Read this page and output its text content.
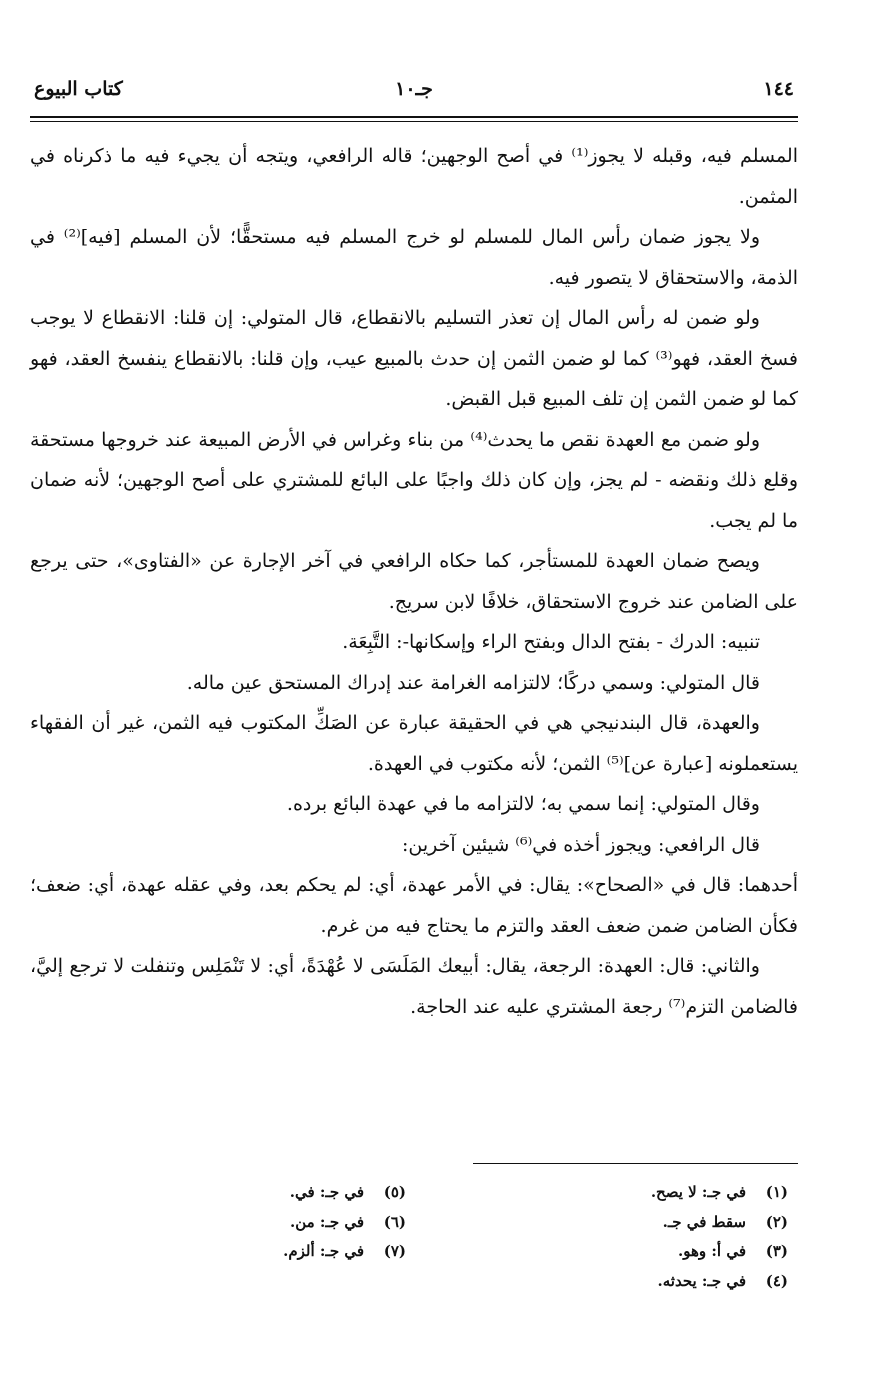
١٤٤
جـ١٠
كتاب البيوع

المسلم فيه، وقبله لا يجوز⁽¹⁾ في أصح الوجهين؛ قاله الرافعي، ويتجه أن يجيء فيه ما ذكرناه في المثمن.

ولا يجوز ضمان رأس المال للمسلم لو خرج المسلم فيه مستحقًّا؛ لأن المسلم [فيه]⁽²⁾ في الذمة، والاستحقاق لا يتصور فيه.

ولو ضمن له رأس المال إن تعذر التسليم بالانقطاع، قال المتولي: إن قلنا: الانقطاع لا يوجب فسخ العقد، فهو⁽³⁾ كما لو ضمن الثمن إن حدث بالمبيع عيب، وإن قلنا: بالانقطاع ينفسخ العقد، فهو كما لو ضمن الثمن إن تلف المبيع قبل القبض.

ولو ضمن مع العهدة نقص ما يحدث⁽⁴⁾ من بناء وغراس في الأرض المبيعة عند خروجها مستحقة وقلع ذلك ونقضه - لم يجز، وإن كان ذلك واجبًا على البائع للمشتري على أصح الوجهين؛ لأنه ضمان ما لم يجب.

ويصح ضمان العهدة للمستأجر، كما حكاه الرافعي في آخر الإجارة عن «الفتاوى»، حتى يرجع على الضامن عند خروج الاستحقاق، خلافًا لابن سريج.

تنبيه: الدرك - بفتح الدال وبفتح الراء وإسكانها-: التَّبِعَة.

قال المتولي: وسمي دركًا؛ لالتزامه الغرامة عند إدراك المستحق عين ماله.

والعهدة، قال البندنيجي هي في الحقيقة عبارة عن الصَكِّ المكتوب فيه الثمن، غير أن الفقهاء يستعملونه [عبارة عن]⁽⁵⁾ الثمن؛ لأنه مكتوب في العهدة.

وقال المتولي: إنما سمي به؛ لالتزامه ما في عهدة البائع برده.

قال الرافعي: ويجوز أخذه في⁽⁶⁾ شيئين آخرين:

أحدهما: قال في «الصحاح»: يقال: في الأمر عهدة، أي: لم يحكم بعد، وفي عقله عهدة، أي: ضعف؛ فكأن الضامن ضمن ضعف العقد والتزم ما يحتاج فيه من غرم.

والثاني: قال: العهدة: الرجعة، يقال: أبيعك المَلَسَى لا عُهْدَةً، أي: لا تَنْمَلِس وتنفلت لا ترجع إليَّ، فالضامن التزم⁽⁷⁾ رجعة المشتري عليه عند الحاجة.

(١)في جـ: لا يصح.
(٢)سقط في جـ.
(٣)في أ: وهو.
(٤)في جـ: يحدثه.
(٥)في جـ: في.
(٦)في جـ: من.
(٧)في جـ: ألزم.
